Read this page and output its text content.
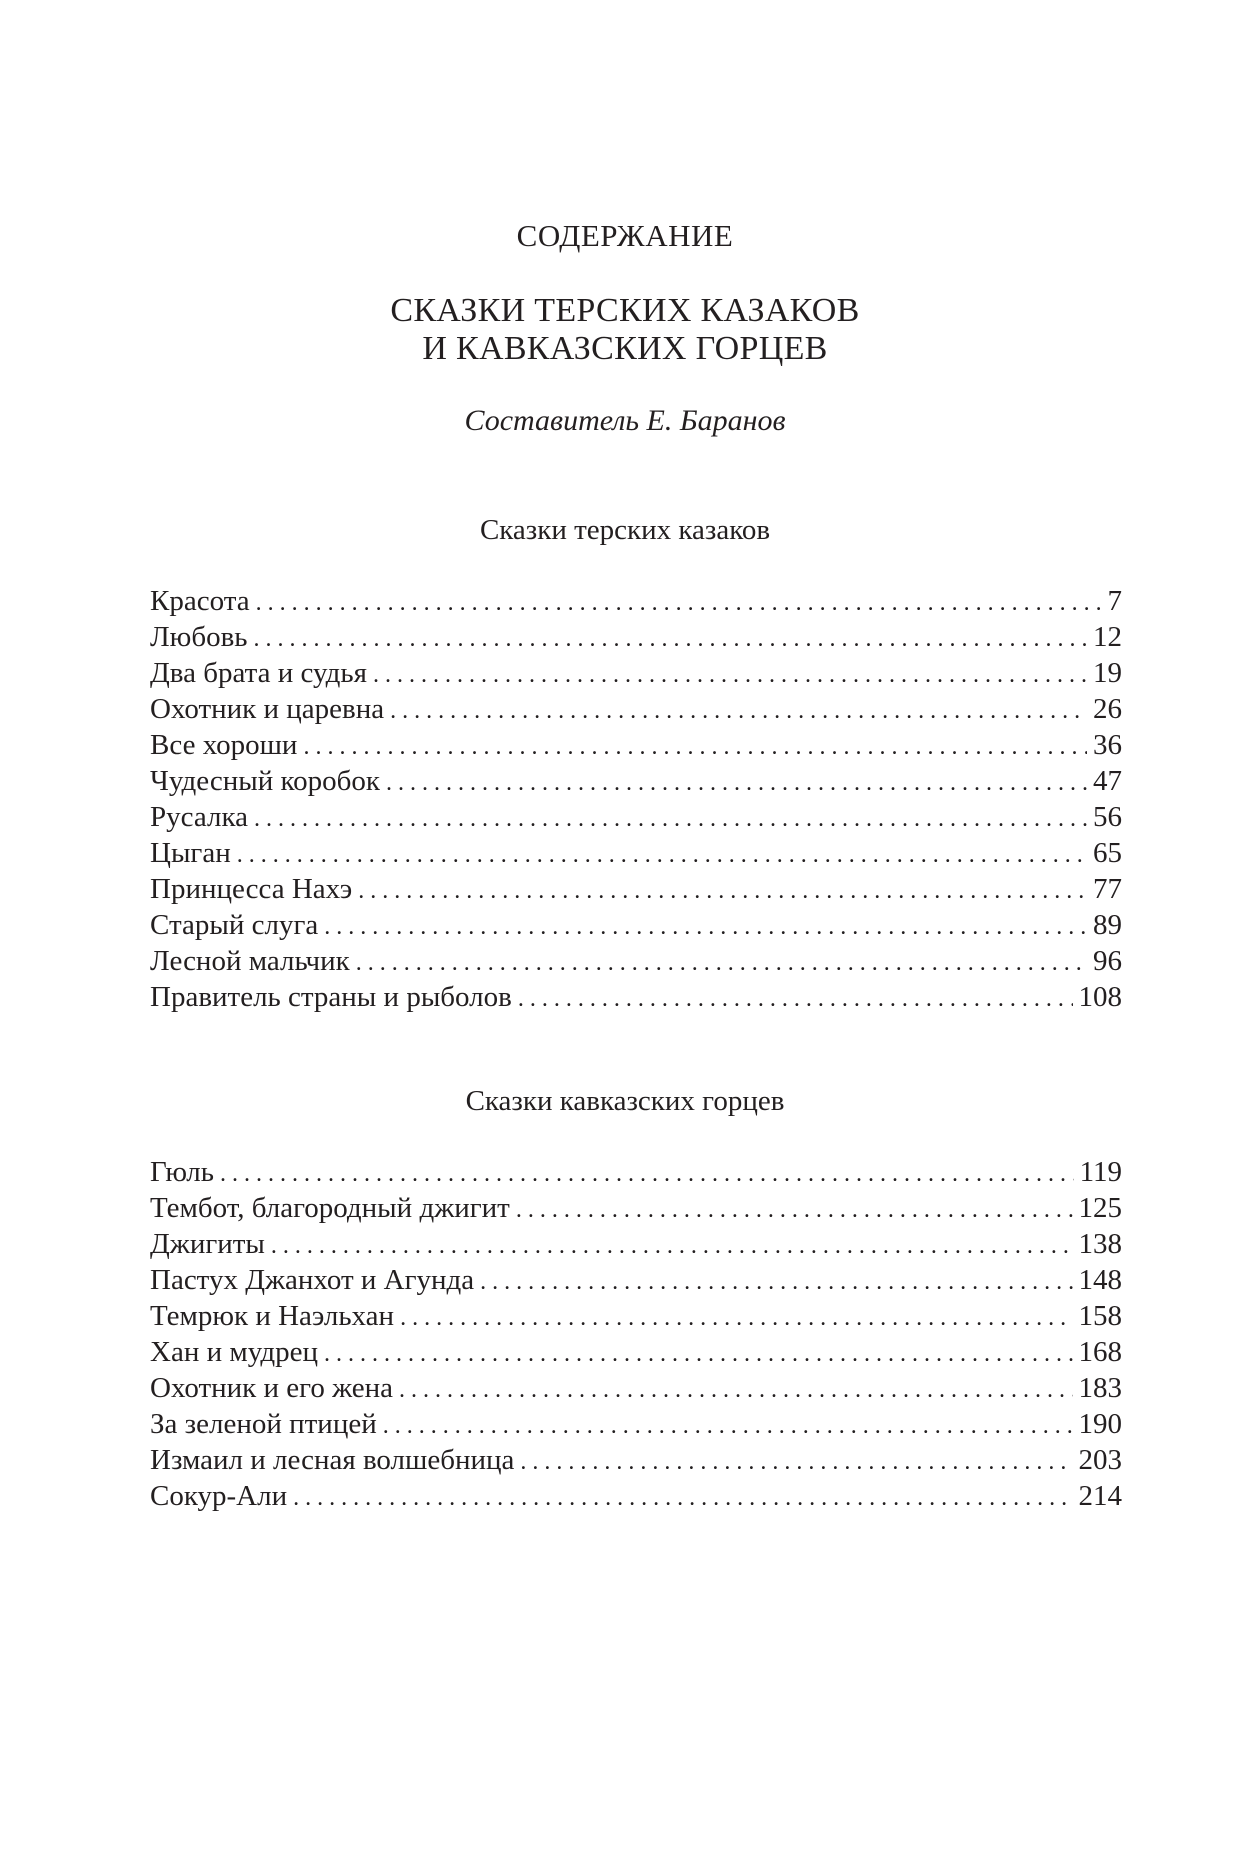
СОДЕРЖАНИЕ
СКАЗКИ ТЕРСКИХ КАЗАКОВ
И КАВКАЗСКИХ ГОРЦЕВ
Составитель Е. Баранов
Сказки терских казаков
Красота . . .	7
Любовь . . .	12
Два брата и судья . . .	19
Охотник и царевна . . .	26
Все хороши . . .	36
Чудесный коробок . . .	47
Русалка . . .	56
Цыган . . .	65
Принцесса Нахэ . . .	77
Старый слуга . . .	89
Лесной мальчик . . .	96
Правитель страны и рыболов . . .	108
Сказки кавказских горцев
Гюль . . .	119
Тембот, благородный джигит . . .	125
Джигиты . . .	138
Пастух Джанхот и Агунда . . .	148
Темрюк и Наэльхан . . .	158
Хан и мудрец . . .	168
Охотник и его жена . . .	183
За зеленой птицей . . .	190
Измаил и лесная волшебница . . .	203
Сокур-Али . . .	214
